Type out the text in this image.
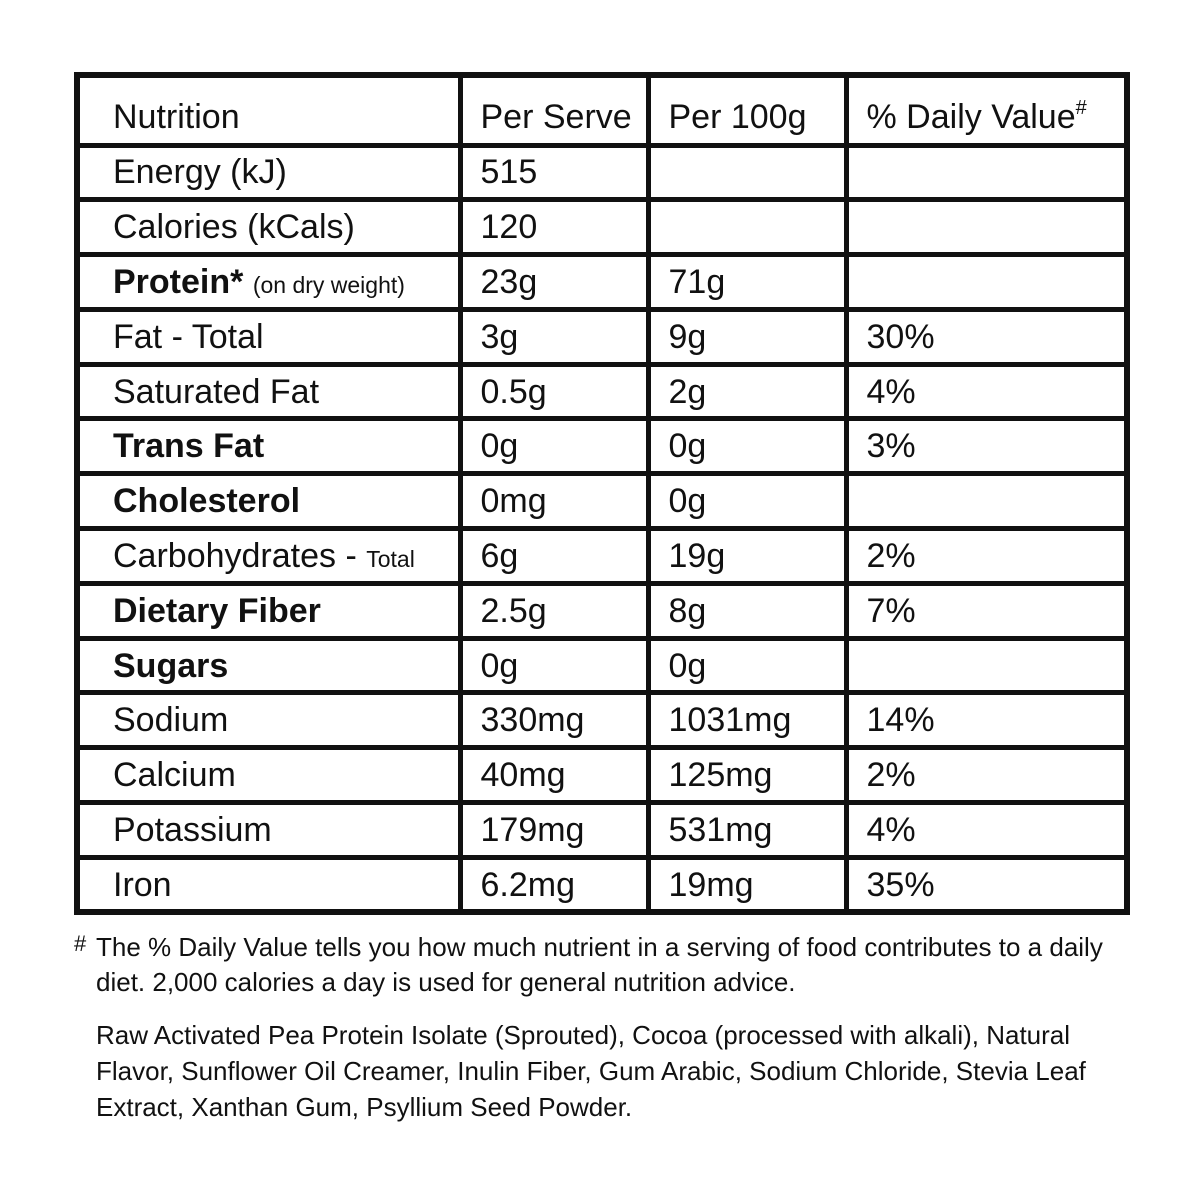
Nutrition	Per Serve	Per 100g	% Daily Value#
Energy (kJ)	515		
Calories (kCals)	120		
Protein* (on dry weight)	23g	71g	
Fat - Total	3g	9g	30%
Saturated Fat	0.5g	2g	4%
Trans Fat	0g	0g	3%
Cholesterol	0mg	0g	
Carbohydrates - Total	6g	19g	2%
Dietary Fiber	2.5g	8g	7%
Sugars	0g	0g	
Sodium	330mg	1031mg	14%
Calcium	40mg	125mg	2%
Potassium	179mg	531mg	4%
Iron	6.2mg	19mg	35%
# The % Daily Value tells you how much nutrient in a serving of food contributes to a daily diet. 2,000 calories a day is used for general nutrition advice.
Raw Activated Pea Protein Isolate (Sprouted), Cocoa (processed with alkali), Natural Flavor, Sunflower Oil Creamer, Inulin Fiber, Gum Arabic, Sodium Chloride, Stevia Leaf Extract, Xanthan Gum, Psyllium Seed Powder.
